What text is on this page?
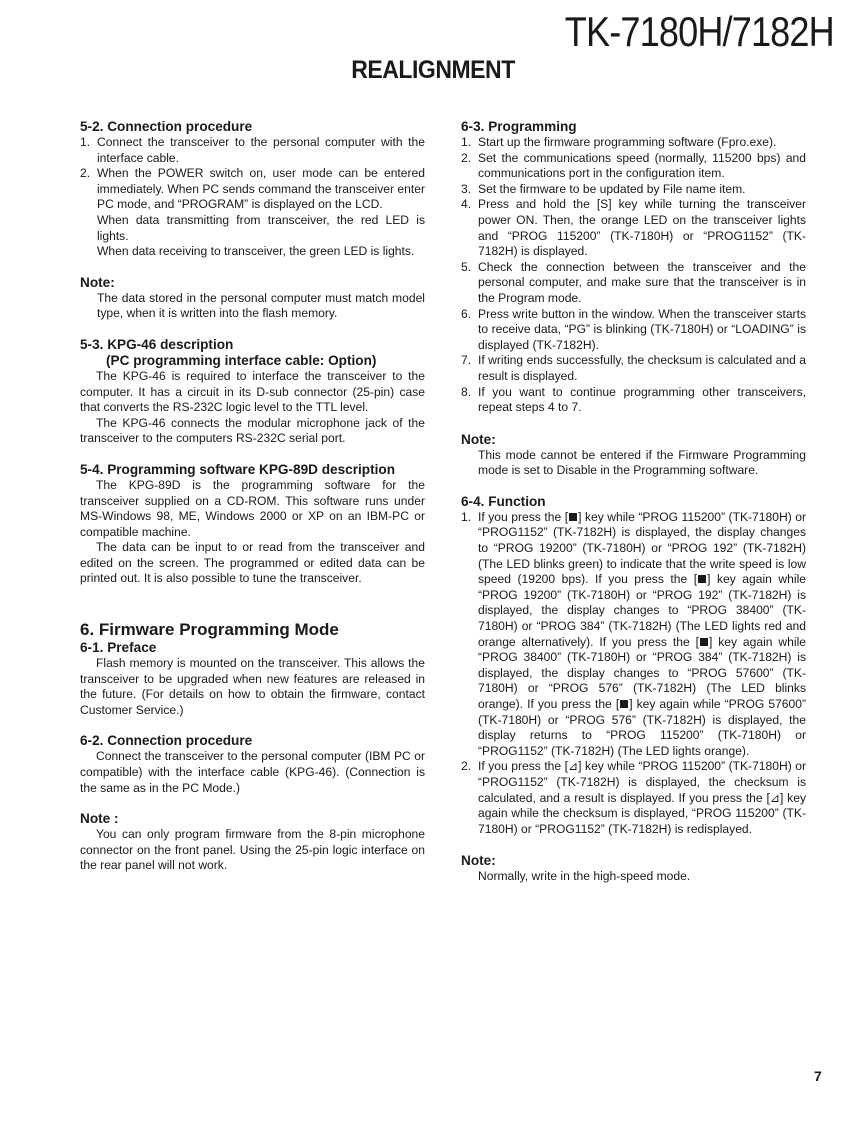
TK-7180H/7182H
REALIGNMENT
5-2. Connection procedure
1. Connect the transceiver to the personal computer with the interface cable.
2. When the POWER switch on, user mode can be entered immediately. When PC sends command the transceiver enter PC mode, and “PROGRAM” is displayed on the LCD.
When data transmitting from transceiver, the red LED is lights.
When data receiving to transceiver, the green LED is lights.
Note:

The data stored in the personal computer must match model type, when it is written into the flash memory.

5-3. KPG-46 description
(PC programming interface cable: Option)

The KPG-46 is required to interface the transceiver to the computer. It has a circuit in its D-sub connector (25-pin) case that converts the RS-232C logic level to the TTL level.

The KPG-46 connects the modular microphone jack of the transceiver to the computers RS-232C serial port.

5-4. Programming software KPG-89D description

The KPG-89D is the programming software for the transceiver supplied on a CD-ROM. This software runs under MS-Windows 98, ME, Windows 2000 or XP on an IBM-PC or compatible machine.

The data can be input to or read from the transceiver and edited on the screen. The programmed or edited data can be printed out. It is also possible to tune the transceiver.

6. Firmware Programming Mode
6-1. Preface

Flash memory is mounted on the transceiver. This allows the transceiver to be upgraded when new features are released in the future. (For details on how to obtain the firmware, contact Customer Service.)

6-2. Connection procedure

Connect the transceiver to the personal computer (IBM PC or compatible) with the interface cable (KPG-46). (Connection is the same as in the PC Mode.)

Note :

You can only program firmware from the 8-pin microphone connector on the front panel. Using the 25-pin logic interface on the rear panel will not work.

6-3. Programming
1. Start up the firmware programming software (Fpro.exe).
2. Set the communications speed (normally, 115200 bps) and communications port in the configuration item.
3. Set the firmware to be updated by File name item.
4. Press and hold the [S] key while turning the transceiver power ON. Then, the orange LED on the transceiver lights and “PROG 115200” (TK-7180H) or “PROG1152” (TK-7182H) is displayed.
5. Check the connection between the transceiver and the personal computer, and make sure that the transceiver is in the Program mode.
6. Press write button in the window. When the transceiver starts to receive data, “PG” is blinking (TK-7180H) or “LOADING” is displayed (TK-7182H).
7. If writing ends successfully, the checksum is calculated and a result is displayed.
8. If you want to continue programming other transceivers, repeat steps 4 to 7.
Note:

This mode cannot be entered if the Firmware Programming mode is set to Disable in the Programming software.

6-4. Function
1. If you press the [ ] key while “PROG 115200” (TK-7180H) or “PROG1152” (TK-7182H) is displayed, the display changes to “PROG 19200” (TK-7180H) or “PROG 192” (TK-7182H) (The LED blinks green) to indicate that the write speed is low speed (19200 bps). If you press the [ ] key again while “PROG 19200” (TK-7180H) or “PROG 192” (TK-7182H) is displayed, the display changes to “PROG 38400” (TK-7180H) or “PROG 384” (TK-7182H) (The LED lights red and orange alternatively). If you press the [ ] key again while “PROG 38400” (TK-7180H) or “PROG 384” (TK-7182H) is displayed, the display changes to “PROG 57600” (TK-7180H) or “PROG 576” (TK-7182H) (The LED blinks orange). If you press the [ ] key again while “PROG 57600” (TK-7180H) or “PROG 576” (TK-7182H) is displayed, the display returns to “PROG 115200” (TK-7180H) or “PROG1152” (TK-7182H) (The LED lights orange).
2. If you press the [⊿] key while “PROG 115200” (TK-7180H) or “PROG1152” (TK-7182H) is displayed, the checksum is calculated, and a result is displayed. If you press the [⊿] key again while the checksum is displayed, “PROG 115200” (TK-7180H) or “PROG1152” (TK-7182H) is redisplayed.
Note:

Normally, write in the high-speed mode.

7
